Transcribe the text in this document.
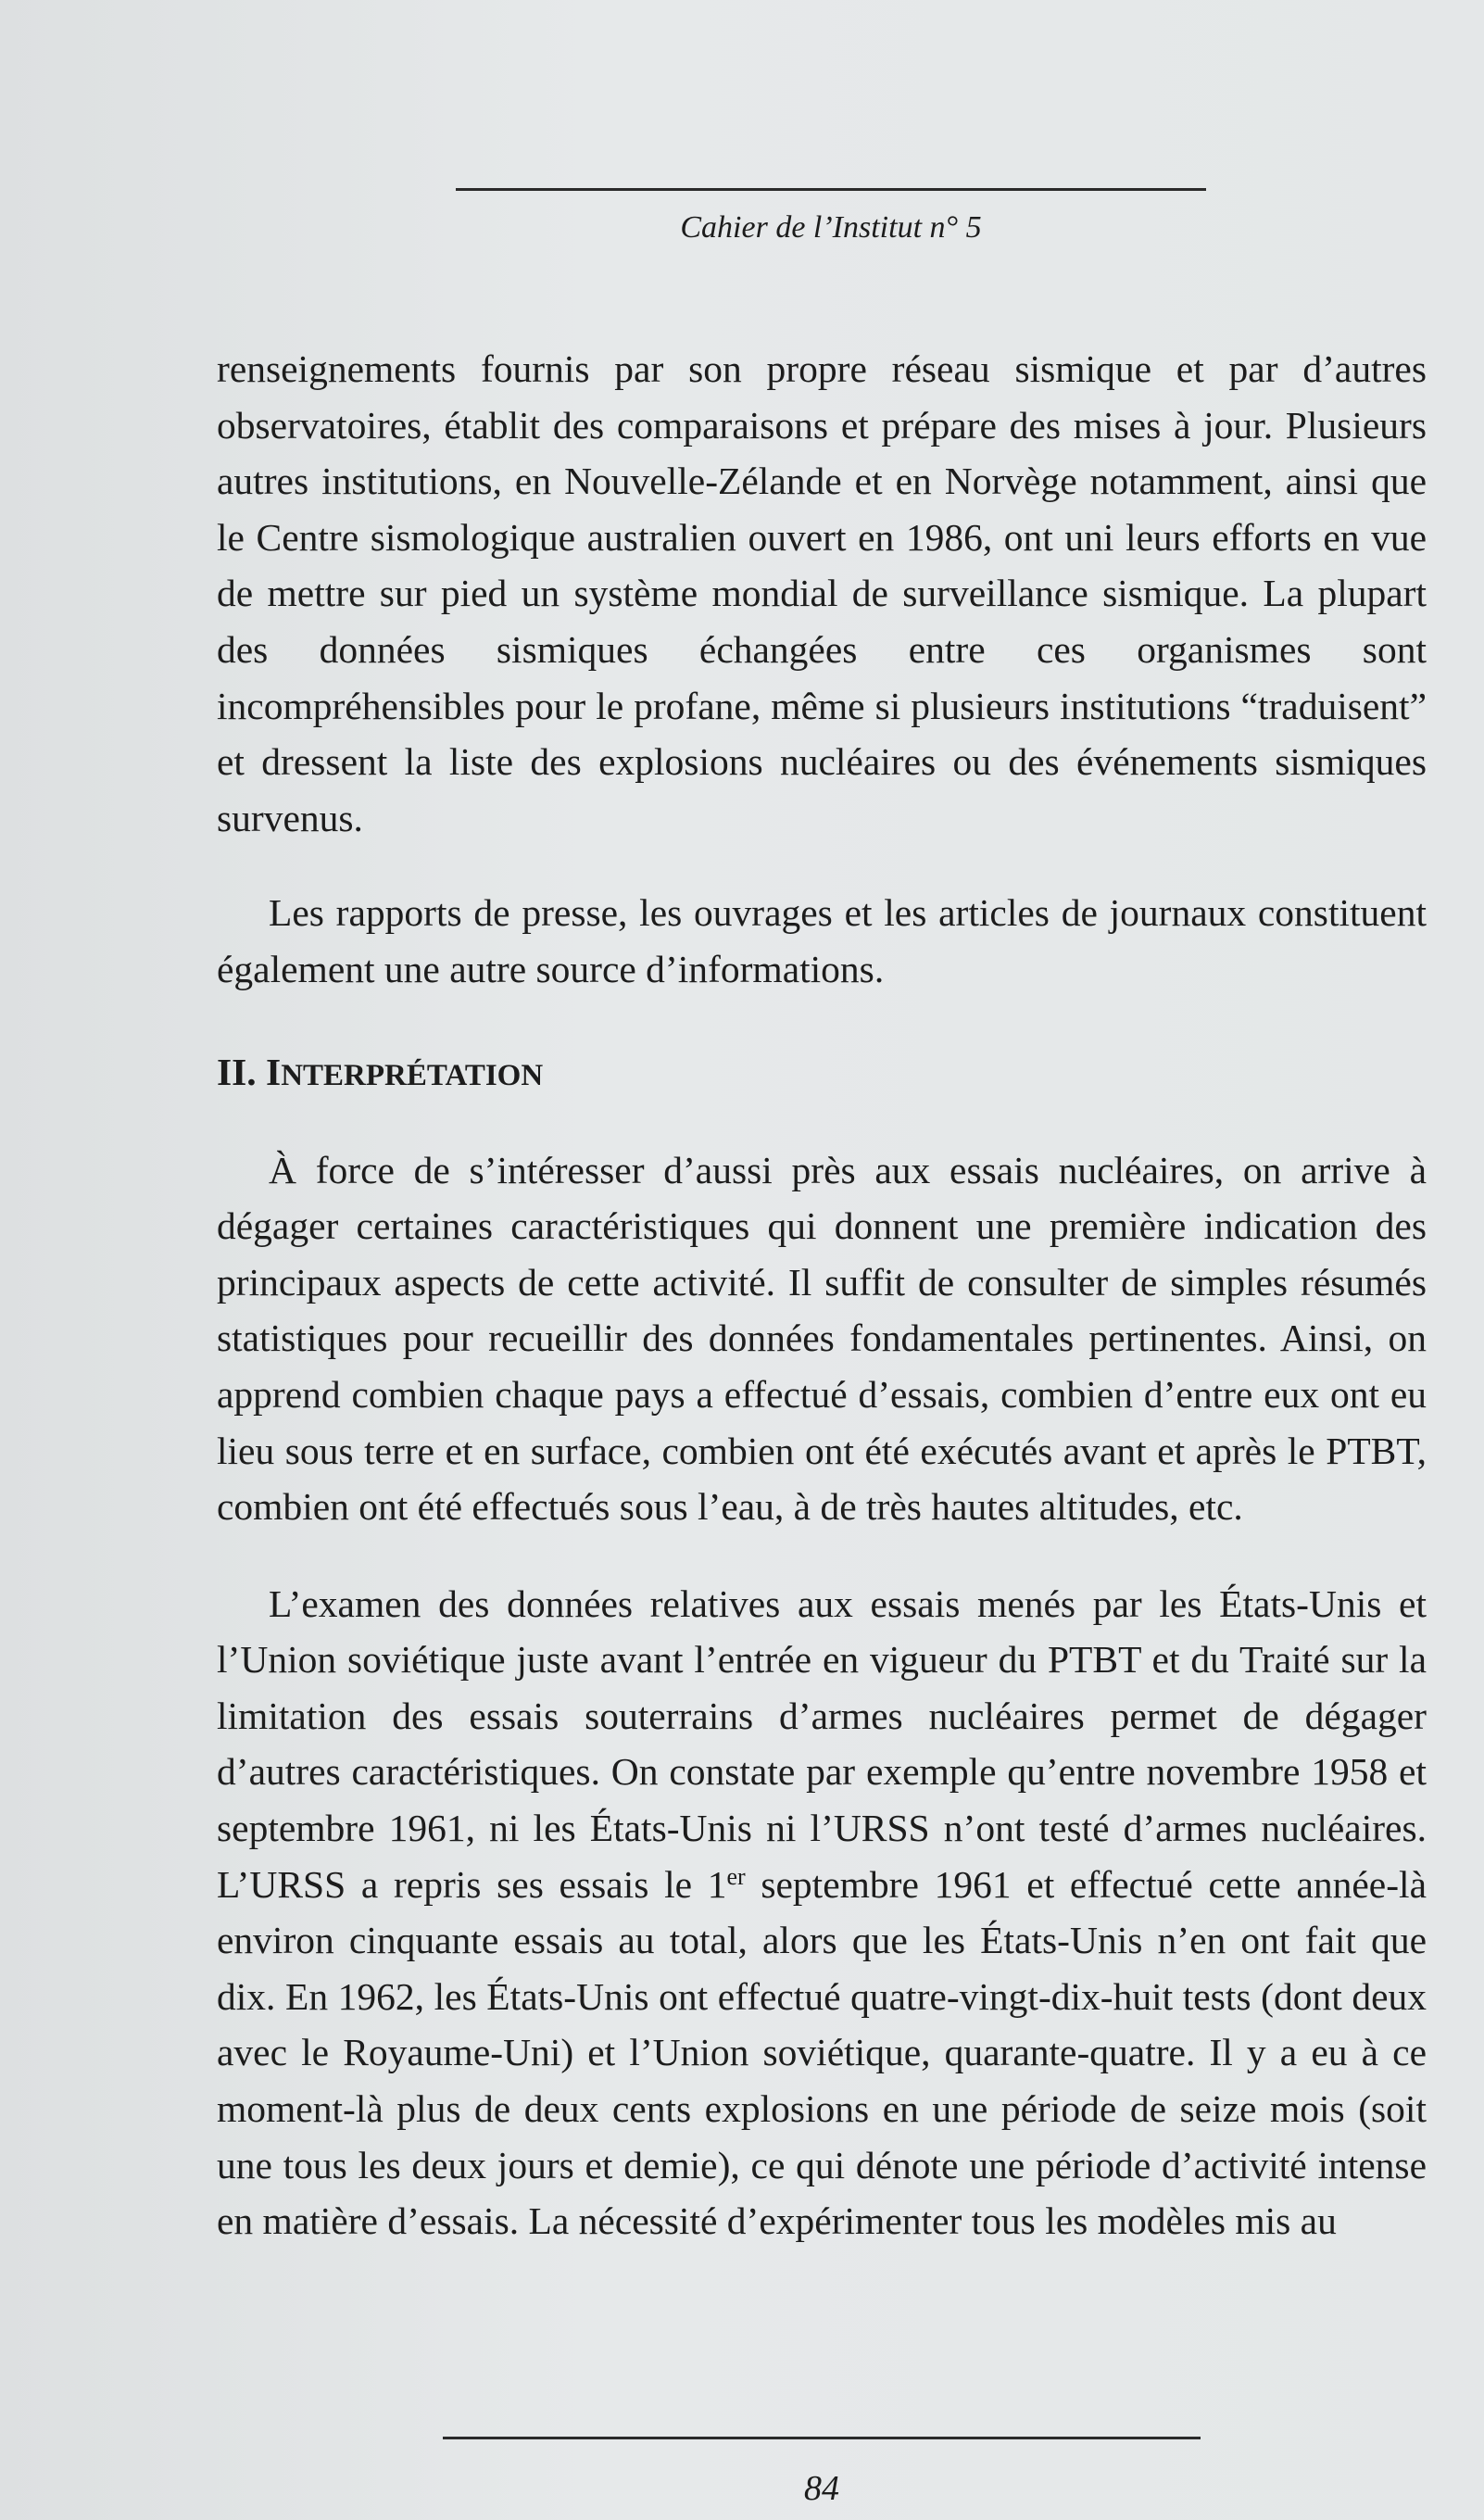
Cahier de l’Institut n° 5

renseignements fournis par son propre réseau sismique et par d’autres observatoires, établit des comparaisons et prépare des mises à jour. Plusieurs autres institutions, en Nouvelle-Zélande et en Norvège notamment, ainsi que le Centre sismologique australien ouvert en 1986, ont uni leurs efforts en vue de mettre sur pied un système mondial de surveillance sismique. La plupart des données sismiques échangées entre ces organismes sont incompréhensibles pour le profane, même si plusieurs institutions “traduisent” et dressent la liste des explosions nucléaires ou des événements sismiques survenus.

Les rapports de presse, les ouvrages et les articles de journaux constituent également une autre source d’informations.

II. INTERPRÉTATION

À force de s’intéresser d’aussi près aux essais nucléaires, on arrive à dégager certaines caractéristiques qui donnent une première indication des principaux aspects de cette activité. Il suffit de consulter de simples résumés statistiques pour recueillir des données fondamentales pertinentes. Ainsi, on apprend combien chaque pays a effectué d’essais, combien d’entre eux ont eu lieu sous terre et en surface, combien ont été exécutés avant et après le PTBT, combien ont été effectués sous l’eau, à de très hautes altitudes, etc.

L’examen des données relatives aux essais menés par les États-Unis et l’Union soviétique juste avant l’entrée en vigueur du PTBT et du Traité sur la limitation des essais souterrains d’armes nucléaires permet de dégager d’autres caractéristiques. On constate par exemple qu’entre novembre 1958 et septembre 1961, ni les États-Unis ni l’URSS n’ont testé d’armes nucléaires. L’URSS a repris ses essais le 1er septembre 1961 et effectué cette année-là environ cinquante essais au total, alors que les États-Unis n’en ont fait que dix. En 1962, les États-Unis ont effectué quatre-vingt-dix-huit tests (dont deux avec le Royaume-Uni) et l’Union soviétique, quarante-quatre. Il y a eu à ce moment-là plus de deux cents explosions en une période de seize mois (soit une tous les deux jours et demie), ce qui dénote une période d’activité intense en matière d’essais. La nécessité d’expérimenter tous les modèles mis au

84
